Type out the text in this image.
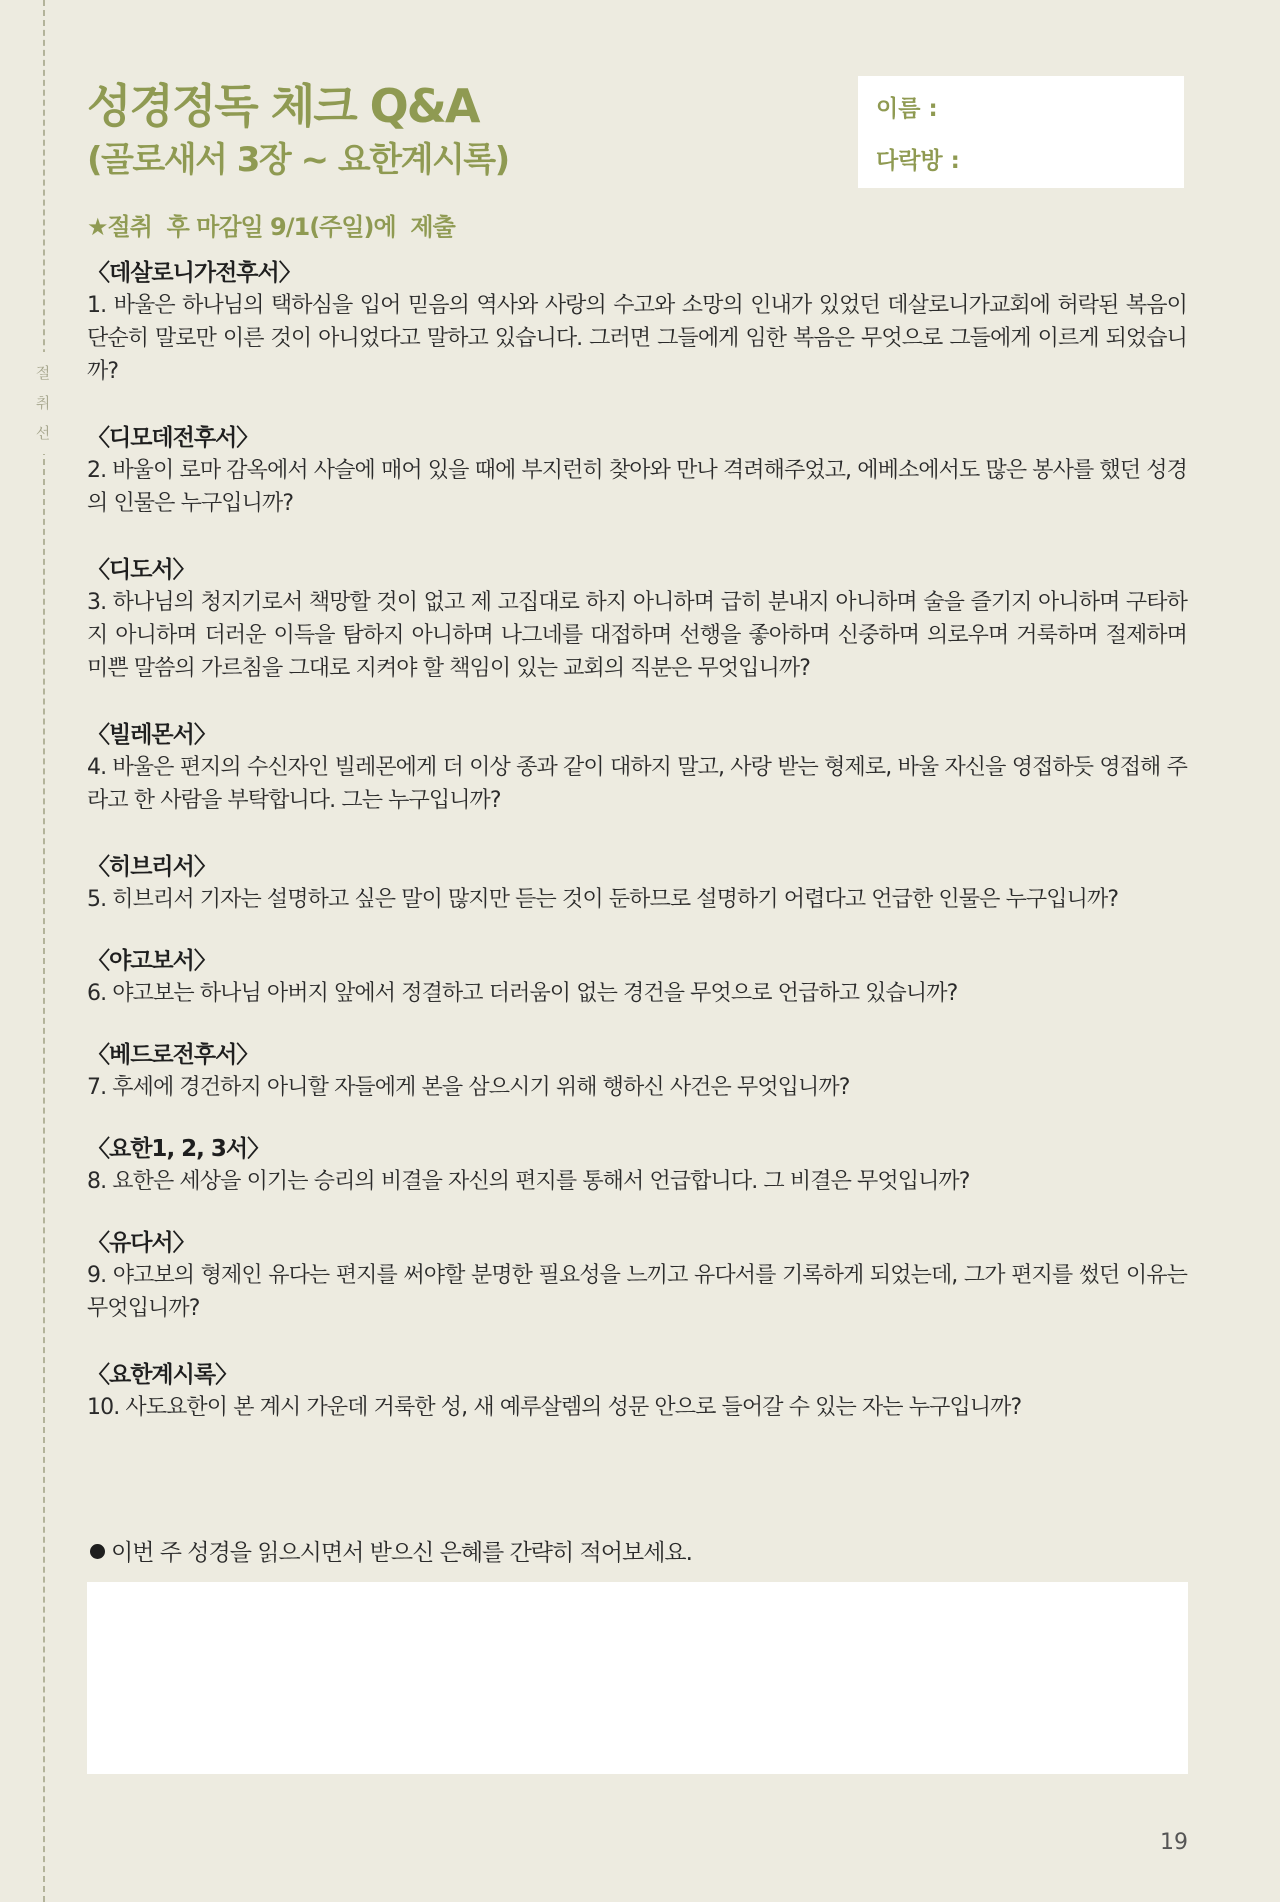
절
취
선
성경정독 체크 Q&A
(골로새서 3장 ~ 요한계시록)
★절취  후 마감일 9/1(주일)에  제출
이름 :
다락방 :
〈데살로니가전후서〉
1. 바울은 하나님의 택하심을 입어 믿음의 역사와 사랑의 수고와 소망의 인내가 있었던 데살로니가교회에 허락된 복음이 단순히 말로만 이른 것이 아니었다고 말하고 있습니다. 그러면 그들에게 임한 복음은 무엇으로 그들에게 이르게 되었습니까?
〈디모데전후서〉
2. 바울이 로마 감옥에서 사슬에 매어 있을 때에 부지런히 찾아와 만나 격려해주었고, 에베소에서도 많은 봉사를 했던 성경의 인물은 누구입니까?
〈디도서〉
3. 하나님의 청지기로서 책망할 것이 없고 제 고집대로 하지 아니하며 급히 분내지 아니하며 술을 즐기지 아니하며 구타하지 아니하며 더러운 이득을 탐하지 아니하며 나그네를 대접하며 선행을 좋아하며 신중하며 의로우며 거룩하며 절제하며 미쁜 말씀의 가르침을 그대로 지켜야 할 책임이 있는 교회의 직분은 무엇입니까?
〈빌레몬서〉
4. 바울은 편지의 수신자인 빌레몬에게 더 이상 종과 같이 대하지 말고, 사랑 받는 형제로, 바울 자신을 영접하듯 영접해 주라고 한 사람을 부탁합니다. 그는 누구입니까?
〈히브리서〉
5. 히브리서 기자는 설명하고 싶은 말이 많지만 듣는 것이 둔하므로 설명하기 어렵다고 언급한 인물은 누구입니까?
〈야고보서〉
6. 야고보는 하나님 아버지 앞에서 정결하고 더러움이 없는 경건을 무엇으로 언급하고 있습니까?
〈베드로전후서〉
7. 후세에 경건하지 아니할 자들에게 본을 삼으시기 위해 행하신 사건은 무엇입니까?
〈요한1, 2, 3서〉
8. 요한은 세상을 이기는 승리의 비결을 자신의 편지를 통해서 언급합니다. 그 비결은 무엇입니까?
〈유다서〉
9. 야고보의 형제인 유다는 편지를 써야할 분명한 필요성을 느끼고 유다서를 기록하게 되었는데, 그가 편지를 썼던 이유는 무엇입니까?
〈요한계시록〉
10. 사도요한이 본 계시 가운데 거룩한 성, 새 예루살렘의 성문 안으로 들어갈 수 있는 자는 누구입니까?
이번 주 성경을 읽으시면서 받으신 은혜를 간략히 적어보세요.
19
